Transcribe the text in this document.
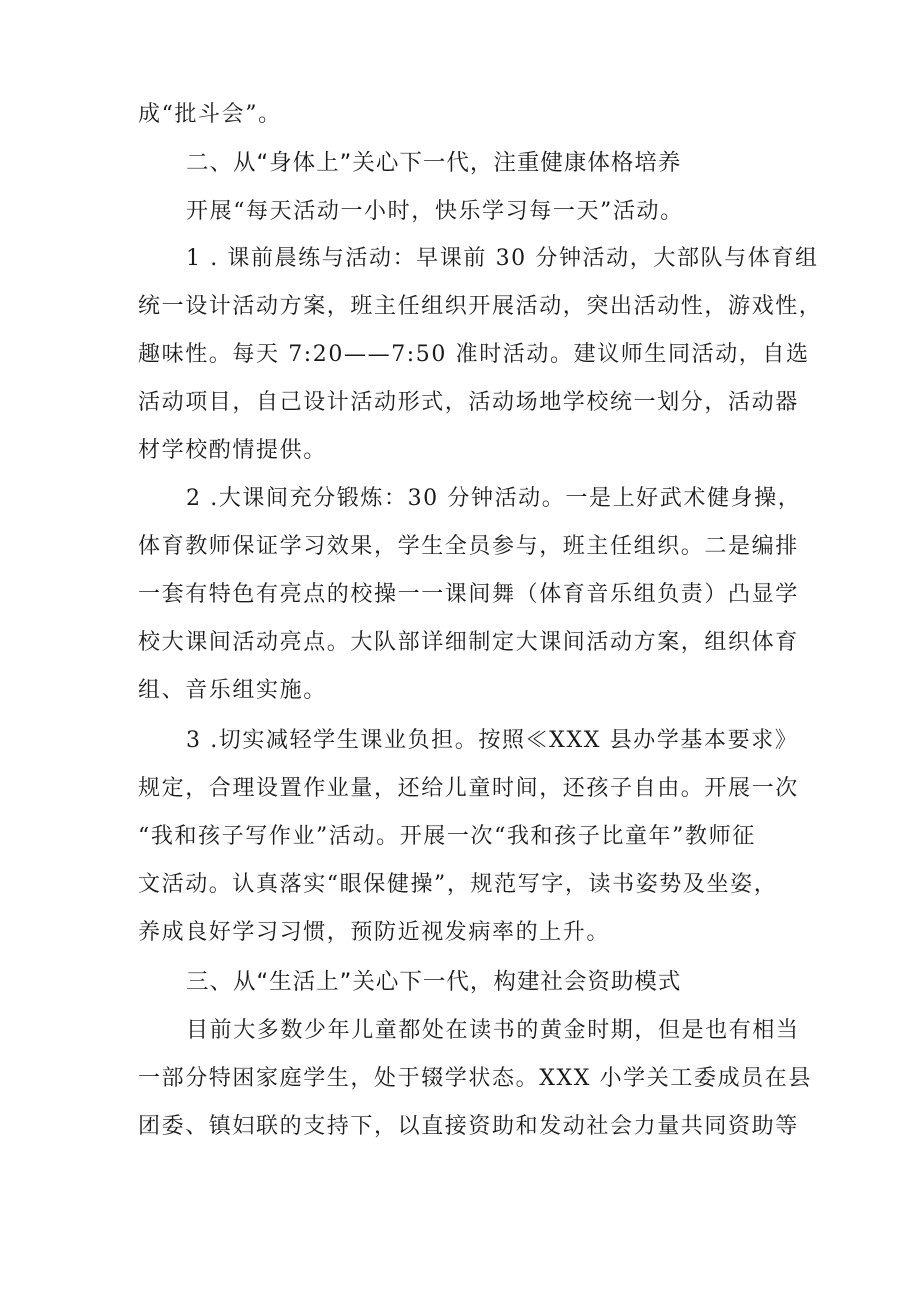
成“批斗会”。
二、从“身体上”关心下一代，注重健康体格培养
开展“每天活动一小时，快乐学习每一天”活动。
1 . 课前晨练与活动：早课前 30 分钟活动，大部队与体育组
统一设计活动方案，班主任组织开展活动，突出活动性，游戏性，
趣味性。每天 7:20——7:50 准时活动。建议师生同活动，自选
活动项目，自己设计活动形式，活动场地学校统一划分，活动器
材学校酌情提供。
2 .大课间充分锻炼：30 分钟活动。一是上好武术健身操，
体育教师保证学习效果，学生全员参与，班主任组织。二是编排
一套有特色有亮点的校操一一课间舞（体育音乐组负责）凸显学
校大课间活动亮点。大队部详细制定大课间活动方案，组织体育
组、音乐组实施。
3 .切实减轻学生课业负担。按照≪XXX 县办学基本要求》
规定，合理设置作业量，还给儿童时间，还孩子自由。开展一次
“我和孩子写作业”活动。开展一次“我和孩子比童年”教师征
文活动。认真落实“眼保健操”，规范写字，读书姿势及坐姿，
养成良好学习习惯，预防近视发病率的上升。
三、从“生活上”关心下一代，构建社会资助模式
目前大多数少年儿童都处在读书的黄金时期，但是也有相当
一部分特困家庭学生，处于辍学状态。XXX 小学关工委成员在县
团委、镇妇联的支持下，以直接资助和发动社会力量共同资助等
